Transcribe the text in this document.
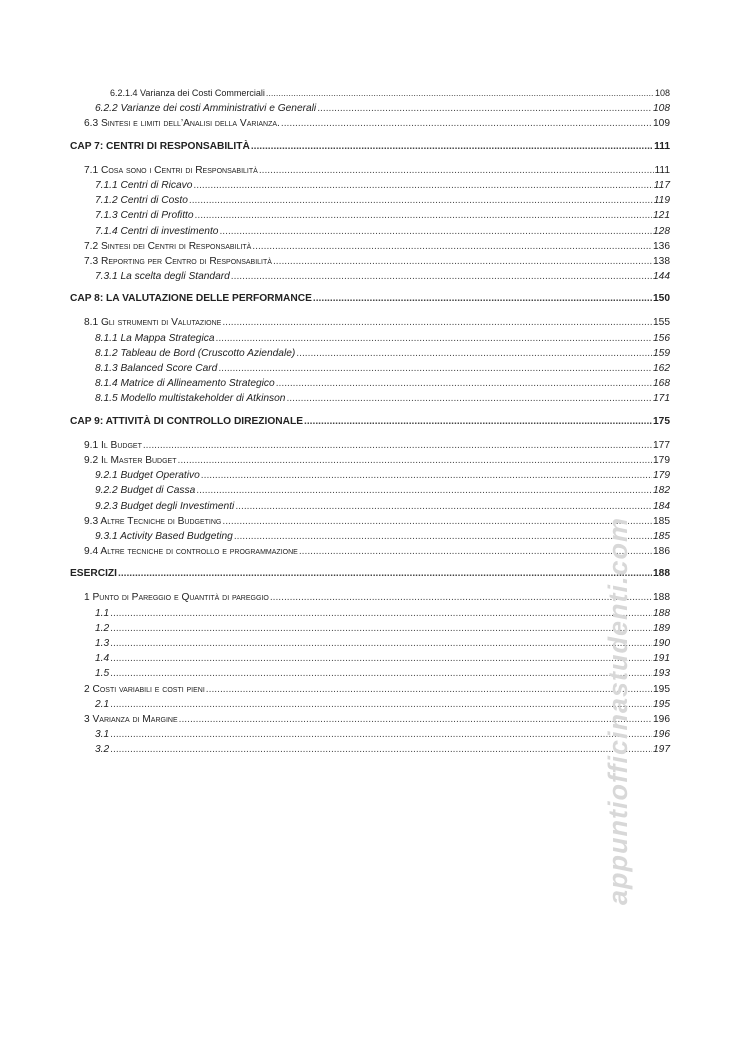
6.2.1.4 Varianza dei Costi Commerciali .....	108
6.2.2 Varianze dei costi Amministrativi e Generali .....	108
6.3 Sintesi e limiti dell’Analisi della Varianza. .....	109
CAP 7: CENTRI DI RESPONSABILITÀ .....	111
7.1 Cosa sono i Centri di Responsabilità .....	111
7.1.1 Centri di Ricavo .....	117
7.1.2 Centri di Costo .....	119
7.1.3 Centri di Profitto .....	121
7.1.4 Centri di investimento .....	128
7.2 Sintesi dei Centri di Responsabilità .....	136
7.3 Reporting per Centro di Responsabilità .....	138
7.3.1 La scelta degli Standard .....	144
CAP 8: LA VALUTAZIONE DELLE PERFORMANCE .....	150
8.1 Gli strumenti di Valutazione .....	155
8.1.1 La Mappa Strategica .....	156
8.1.2 Tableau de Bord (Cruscotto Aziendale) .....	159
8.1.3 Balanced Score Card .....	162
8.1.4 Matrice di Allineamento Strategico .....	168
8.1.5 Modello multistakeholder di Atkinson .....	171
CAP 9: ATTIVITÀ DI CONTROLLO DIREZIONALE .....	175
9.1 Il Budget .....	177
9.2 Il Master Budget .....	179
9.2.1 Budget Operativo .....	179
9.2.2 Budget di Cassa .....	182
9.2.3 Budget degli Investimenti .....	184
9.3 Altre Tecniche di Budgeting .....	185
9.3.1 Activity Based Budgeting .....	185
9.4 Altre tecniche di controllo e programmazione .....	186
ESERCIZI .....	188
1 Punto di Pareggio e Quantità di pareggio .....	188
1.1 .....	188
1.2 .....	189
1.3 .....	190
1.4 .....	191
1.5 .....	193
2 Costi variabili e costi pieni .....	195
2.1 .....	195
3 Varianza di Margine .....	196
3.1 .....	196
3.2 .....	197
appuntiofficinastudenti.com
